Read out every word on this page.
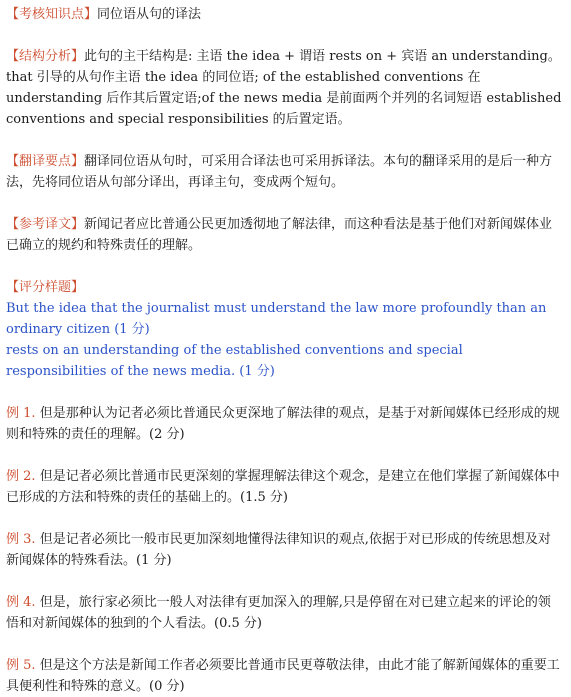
【考核知识点】同位语从句的译法

【结构分析】此句的主干结构是: 主语 the idea + 谓语 rests on + 宾语 an understanding。that 引导的从句作主语 the idea 的同位语; of the established conventions 在 understanding 后作其后置定语;of the news media 是前面两个并列的名词短语 established conventions and special responsibilities 的后置定语。

【翻译要点】翻译同位语从句时，可采用合译法也可采用拆译法。本句的翻译采用的是后一种方法，先将同位语从句部分译出，再译主句，变成两个短句。

【参考译文】新闻记者应比普通公民更加透彻地了解法律，而这种看法是基于他们对新闻媒体业已确立的规约和特殊责任的理解。

【评分样题】

But the idea that the journalist must understand the law more profoundly than an ordinary citizen (1 分)

rests on an understanding of the established conventions and special responsibilities of the news media. (1 分)

例 1. 但是那种认为记者必须比普通民众更深地了解法律的观点，是基于对新闻媒体已经形成的规则和特殊的责任的理解。(2 分)

例 2. 但是记者必须比普通市民更深刻的掌握理解法律这个观念，是建立在他们掌握了新闻媒体中已形成的方法和特殊的责任的基础上的。(1.5 分)

例 3. 但是记者必须比一般市民更加深刻地懂得法律知识的观点,依据于对已形成的传统思想及对新闻媒体的特殊看法。(1 分)

例 4. 但是，旅行家必须比一般人对法律有更加深入的理解,只是停留在对已建立起来的评论的领悟和对新闻媒体的独到的个人看法。(0.5 分)

例 5. 但是这个方法是新闻工作者必须要比普通市民更尊敬法律，由此才能了解新闻媒体的重要工具便利性和特殊的意义。(0 分)
